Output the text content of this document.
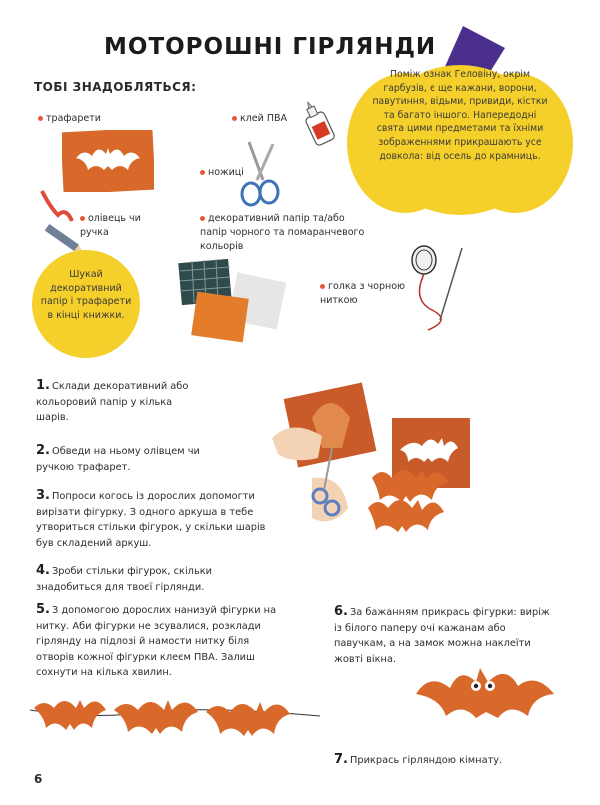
МОТОРОШНІ ГІРЛЯНДИ
ТОБІ ЗНАДОБЛЯТЬСЯ:
Поміж ознак Геловіну, окрім гарбузів, є ще кажани, ворони, павутиння, відьми, привиди, кістки та багато іншого. Напередодні свята цими предметами та їхніми зображеннями прикрашають усе довкола: від осель до крамниць.
трафарети	клей ПВА
ножиці
олівець чи ручка
декоративний папір та/або папір чорного та помаранчевого кольорів
голка з чорною ниткою
Шукай декоративний папір і трафарети в кінці книжки.
1. Склади декоративний або кольоровий папір у кілька шарів.
2. Обведи на ньому олівцем чи ручкою трафарет.
3. Попроси когось із дорослих допомогти вирізати фігурку. З одного аркуша в тебе утвориться стільки фігурок, у скільки шарів був складений аркуш.
4. Зроби стільки фігурок, скільки знадобиться для твоєї гірлянди.
5. З допомогою дорослих нанизуй фігурки на нитку. Аби фігурки не зсувалися, розклади гірлянду на підлозі й намости нитку біля отворів кожної фігурки клеєм ПВА. Залиш сохнути на кілька хвилин.
6. За бажанням прикрась фігурки: виріж із білого паперу очі кажанам або павучкам, а на замок можна наклеїти жовті вікна.
7. Прикрась гірляндою кімнату.
6
